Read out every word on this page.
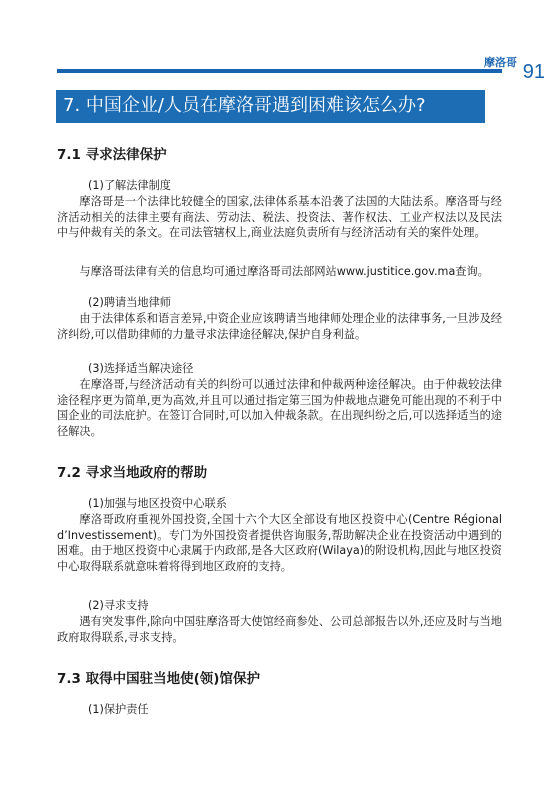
摩洛哥 91
7. 中国企业/人员在摩洛哥遇到困难该怎么办?
7.1 寻求法律保护
(1)了解法律制度
摩洛哥是一个法律比较健全的国家,法律体系基本沿袭了法国的大陆法系。摩洛哥与经济活动相关的法律主要有商法、劳动法、税法、投资法、著作权法、工业产权法以及民法中与仲裁有关的条文。在司法管辖权上,商业法庭负责所有与经济活动有关的案件处理。
与摩洛哥法律有关的信息均可通过摩洛哥司法部网站www.justitice.gov.ma查询。
(2)聘请当地律师
由于法律体系和语言差异,中资企业应该聘请当地律师处理企业的法律事务,一旦涉及经济纠纷,可以借助律师的力量寻求法律途径解决,保护自身利益。
(3)选择适当解决途径
在摩洛哥,与经济活动有关的纠纷可以通过法律和仲裁两种途径解决。由于仲裁较法律途径程序更为简单,更为高效,并且可以通过指定第三国为仲裁地点避免可能出现的不利于中国企业的司法庇护。在签订合同时,可以加入仲裁条款。在出现纠纷之后,可以选择适当的途径解决。
7.2 寻求当地政府的帮助
(1)加强与地区投资中心联系
摩洛哥政府重视外国投资,全国十六个大区全部设有地区投资中心(Centre Régional d’Investissement)。专门为外国投资者提供咨询服务,帮助解决企业在投资活动中遇到的困难。由于地区投资中心隶属于内政部,是各大区政府(Wilaya)的附设机构,因此与地区投资中心取得联系就意味着将得到地区政府的支持。
(2)寻求支持
遇有突发事件,除向中国驻摩洛哥大使馆经商参处、公司总部报告以外,还应及时与当地政府取得联系,寻求支持。
7.3 取得中国驻当地使(领)馆保护
(1)保护责任
